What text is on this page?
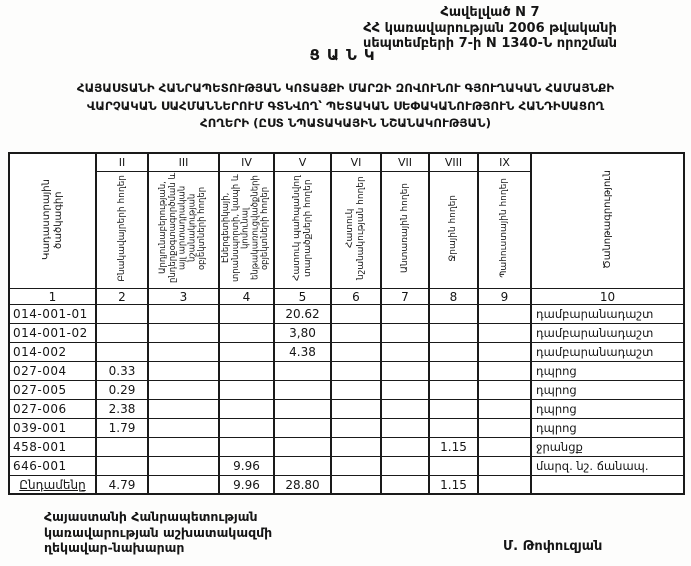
Հավելված N 7
ՀՀ կառավարության 2006 թվականի
սեպտեմբերի 7-ի N 1340-Ն որոշման
ՑԱՆԿ
ՀԱՅԱՍՏԱՆԻ ՀԱՆՐԱՊԵՏՈՒԹՅԱՆ ԿՈՏԱՅՔԻ ՄԱՐԶԻ ԶՈՎՈՒՆՈՒ ԳՅՈՒՂԱԿԱՆ ՀԱՄԱՅՆՔԻ
ՎԱՐՉԱԿԱՆ ՍԱՀՄԱՆՆԵՐՈՒՄ ԳՏՆՎՈՂ՝ ՊԵՏԱԿԱՆ ՍԵՓԱԿԱՆՈՒԹՅՈՒՆ ՀԱՆԴԻՍԱՑՈՂ
ՀՈՂԵՐԻ (ԸՍՏ ՆՊԱՏԱԿԱՅԻՆ ՆՇԱՆԱԿՈՒԹՅԱՆ)
Կադաստրային ծածկագիր	II	III	IV	V	VI	VII	VIII	IX	Ծանոթագրություն
	Բնակավայրերի հողեր	Արդյունաբերության, ընդերքօգտագործման և այլ արտադրական նշանակության օբյեկտների հողեր	Էներգետիկայի, տրանսպորտի, կապի և կոմունալ ենթակառուցվածքների օբյեկտների հողեր	Հատուկ պահպանվող տարածքների հողեր	Հատուկ նշանակության հողեր	Անտառային հողեր	Ջրային հողեր	Պահուստային հողեր	
1	2	3	4	5	6	7	8	9	10
014-001-01				20.62					դամբարանադաշտ
014-001-02				3,80					դամբարանադաշտ
014-002				4.38					դամբարանադաշտ
027-004	0.33								դպրոց
027-005	0.29								դպրոց
027-006	2.38								դպրոց
039-001	1.79								դպրոց
458-001							1.15		ջրանցք
646-001			9.96						մարզ. նշ. ճանապ.
Ընդամենը	4.79		9.96	28.80			1.15		
Հայաստանի Հանրապետության
կառավարության աշխատակազմի
ղեկավար-նախարար	Մ. Թոփուզյան
